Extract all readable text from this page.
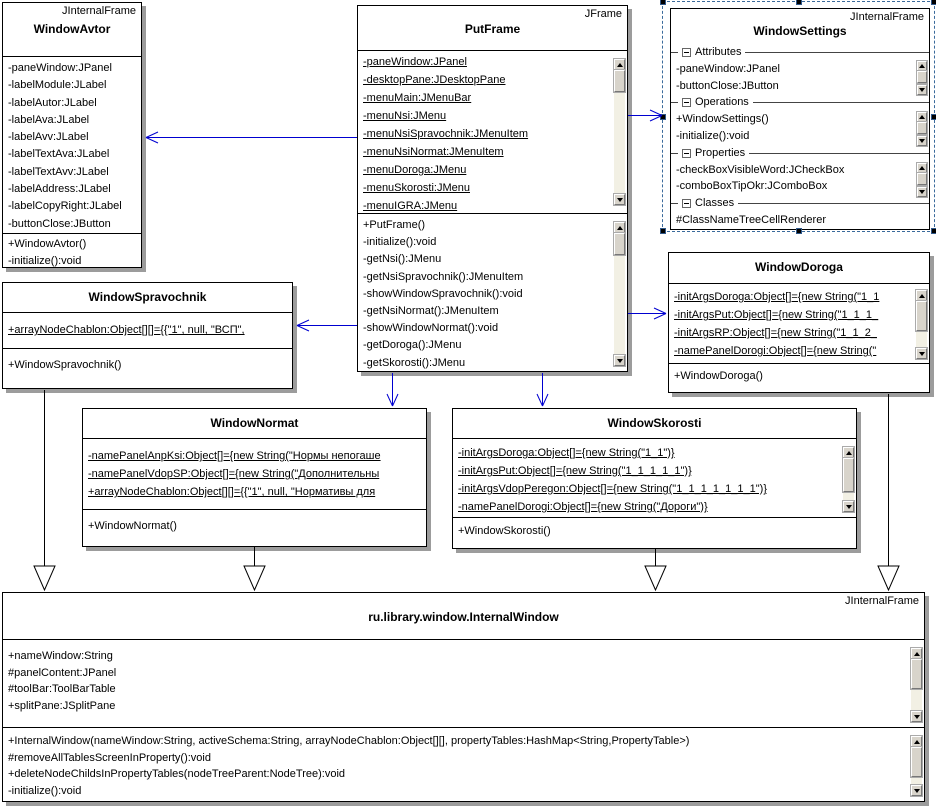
JInternalFrame
WindowAvtor
-paneWindow:JPanel
-labelModule:JLabel
-labelAutor:JLabel
-labelAva:JLabel
-labelAvv:JLabel
-labelTextAva:JLabel
-labelTextAvv:JLabel
-labelAddress:JLabel
-labelCopyRight:JLabel
-buttonClose:JButton
+WindowAvtor()
-initialize():void
JFrame
PutFrame
-paneWindow:JPanel
-desktopPane:JDesktopPane
-menuMain:JMenuBar
-menuNsi:JMenu
-menuNsiSpravochnik:JMenuItem
-menuNsiNormat:JMenuItem
-menuDoroga:JMenu
-menuSkorosti:JMenu
-menuIGRA:JMenu
+PutFrame()
-initialize():void
-getNsi():JMenu
-getNsiSpravochnik():JMenuItem
-showWindowSpravochnik():void
-getNsiNormat():JMenuItem
-showWindowNormat():void
-getDoroga():JMenu
-getSkorosti():JMenu
JInternalFrame
WindowSettings
Attributes
-paneWindow:JPanel
-buttonClose:JButton
Operations
+WindowSettings()
-initialize():void
Properties
-checkBoxVisibleWord:JCheckBox
-comboBoxTipOkr:JComboBox
Classes
#ClassNameTreeCellRenderer
WindowSpravochnik
+arrayNodeChablon:Object[][]={{"1", null, "ВСП",
+WindowSpravochnik()
WindowDoroga
-initArgsDoroga:Object[]={new String("1_1
-initArgsPut:Object[]={new String("1_1_1_
-initArgsRP:Object[]={new String("1_1_2_
-namePanelDorogi:Object[]={new String("
+WindowDoroga()
WindowNormat
-namePanelAnpKsi:Object[]={new String("Нормы непогаше
-namePanelVdopSP:Object[]={new String("Дополнительны
+arrayNodeChablon:Object[][]={{"1", null, "Нормативы для
+WindowNormat()
WindowSkorosti
-initArgsDoroga:Object[]={new String("1_1")}
-initArgsPut:Object[]={new String("1_1_1_1_1")}
-initArgsVdopPeregon:Object[]={new String("1_1_1_1_1_1_1")}
-namePanelDorogi:Object[]={new String("Дороги")}
+WindowSkorosti()
JInternalFrame
ru.library.window.InternalWindow
+nameWindow:String
#panelContent:JPanel
#toolBar:ToolBarTable
+splitPane:JSplitPane
+InternalWindow(nameWindow:String, activeSchema:String, arrayNodeChablon:Object[][], propertyTables:HashMap<String,PropertyTable>)
#removeAllTablesScreenInProperty():void
+deleteNodeChildsInPropertyTables(nodeTreeParent:NodeTree):void
-initialize():void
